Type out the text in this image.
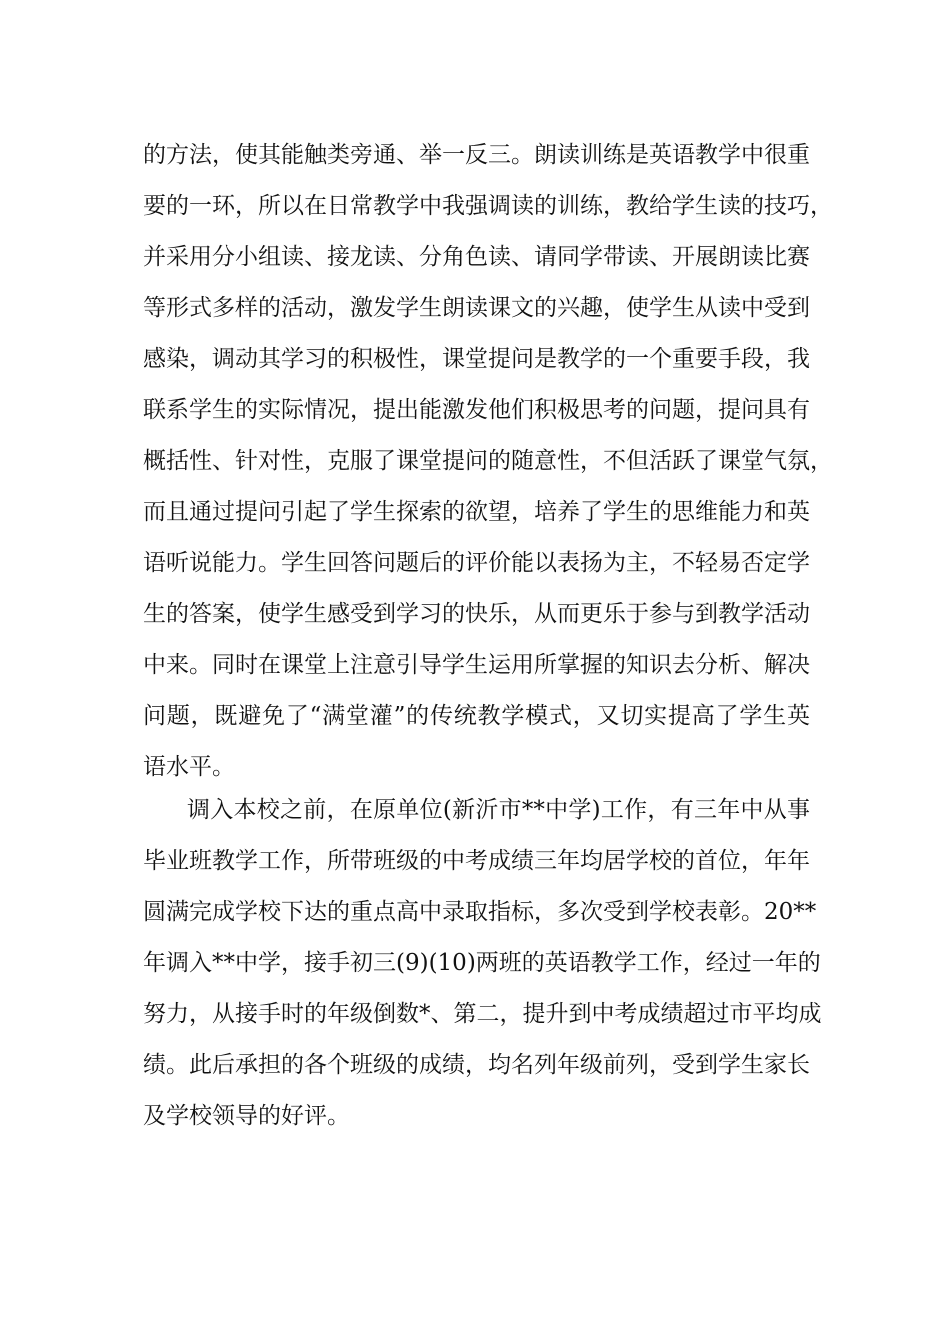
的方法，使其能触类旁通、举一反三。朗读训练是英语教学中很重
要的一环，所以在日常教学中我强调读的训练，教给学生读的技巧，
并采用分小组读、接龙读、分角色读、请同学带读、开展朗读比赛
等形式多样的活动，激发学生朗读课文的兴趣，使学生从读中受到
感染，调动其学习的积极性，课堂提问是教学的一个重要手段，我
联系学生的实际情况，提出能激发他们积极思考的问题，提问具有
概括性、针对性，克服了课堂提问的随意性，不但活跃了课堂气氛，
而且通过提问引起了学生探索的欲望，培养了学生的思维能力和英
语听说能力。学生回答问题后的评价能以表扬为主，不轻易否定学
生的答案，使学生感受到学习的快乐，从而更乐于参与到教学活动
中来。同时在课堂上注意引导学生运用所掌握的知识去分析、解决
问题，既避免了“满堂灌”的传统教学模式，又切实提高了学生英
语水平。
调入本校之前，在原单位(新沂市**中学)工作，有三年中从事
毕业班教学工作，所带班级的中考成绩三年均居学校的首位，年年
圆满完成学校下达的重点高中录取指标，多次受到学校表彰。20**
年调入**中学，接手初三(9)(10)两班的英语教学工作，经过一年的
努力，从接手时的年级倒数*、第二，提升到中考成绩超过市平均成
绩。此后承担的各个班级的成绩，均名列年级前列，受到学生家长
及学校领导的好评。
